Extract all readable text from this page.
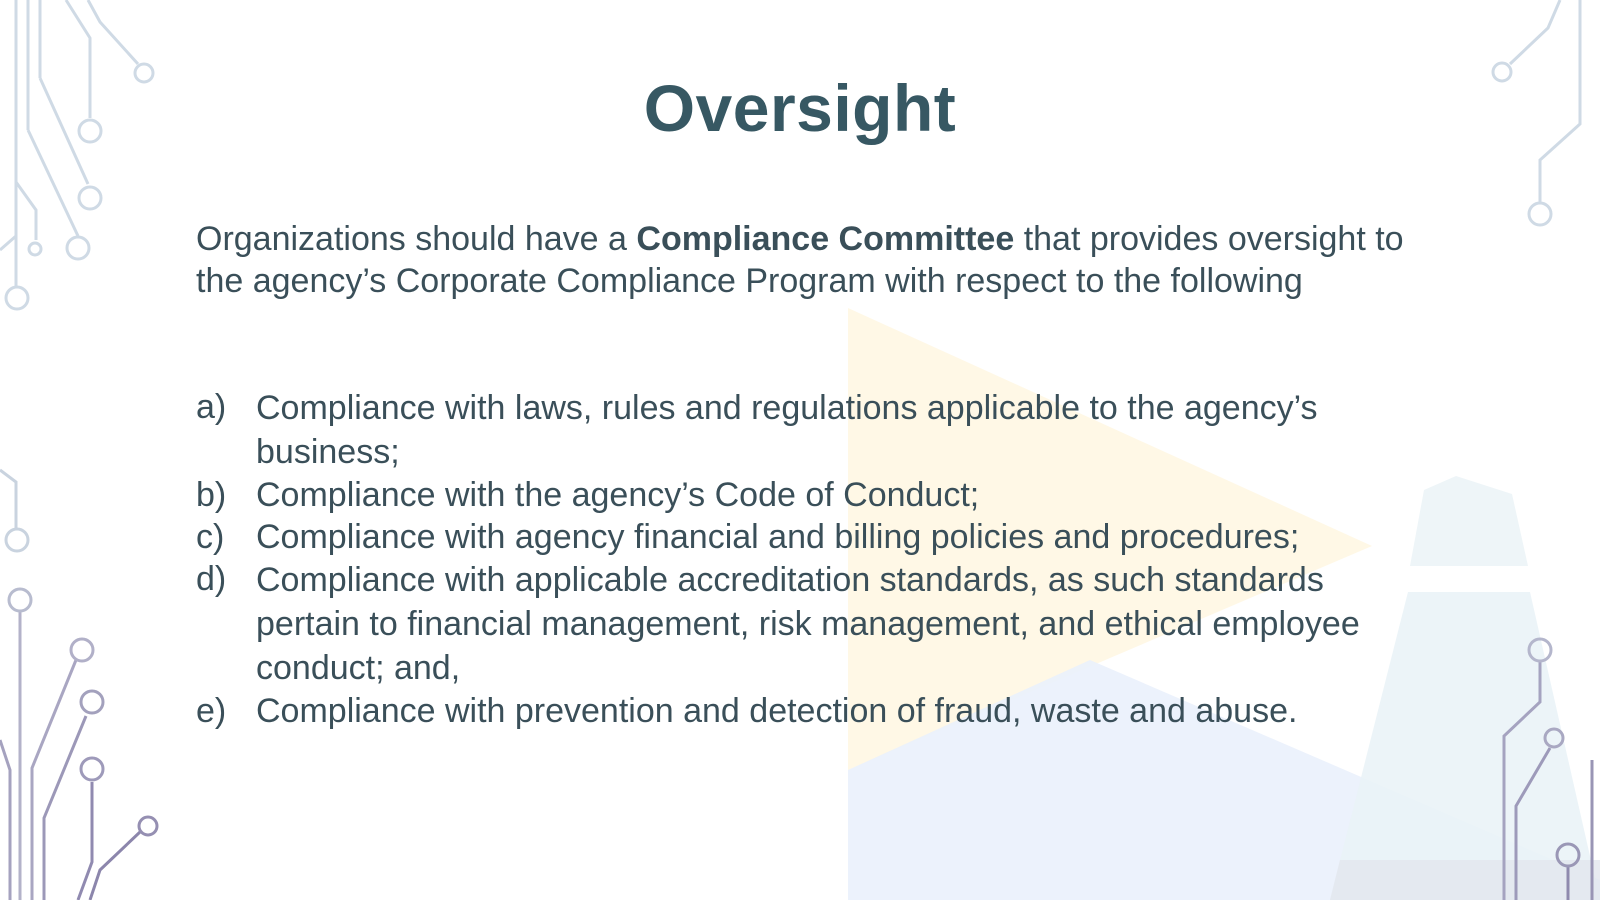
Oversight

Organizations should have a Compliance Committee that provides oversight to the agency’s Corporate Compliance Program with respect to the following

a) Compliance with laws, rules and regulations applicable to the agency’s business;
b) Compliance with the agency’s Code of Conduct;
c) Compliance with agency financial and billing policies and procedures;
d) Compliance with applicable accreditation standards, as such standards pertain to financial management, risk management, and ethical employee conduct; and,
e) Compliance with prevention and detection of fraud, waste and abuse.
